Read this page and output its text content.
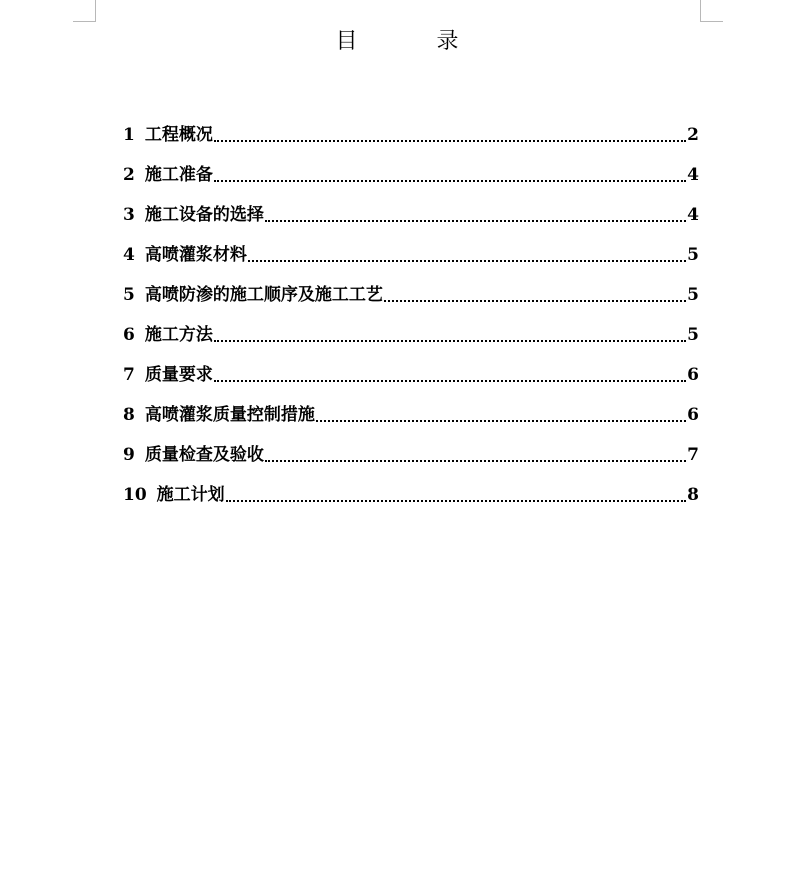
目 录
1 工程概况	2
2 施工准备	4
3 施工设备的选择	4
4 高喷灌浆材料	5
5 高喷防渗的施工顺序及施工工艺	5
6 施工方法	5
7 质量要求	6
8 高喷灌浆质量控制措施	6
9 质量检查及验收	7
10 施工计划	8
